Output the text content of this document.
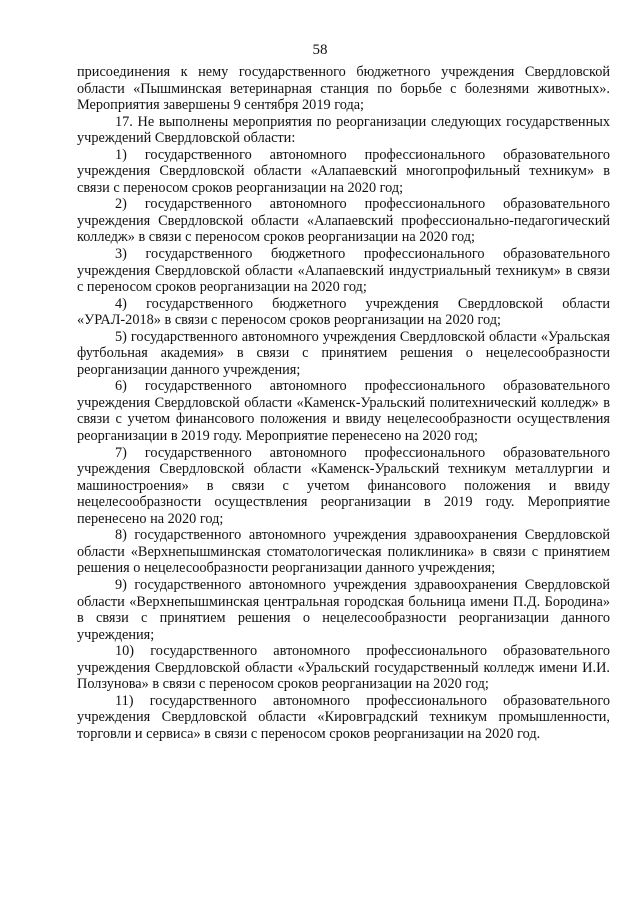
58

присоединения к нему государственного бюджетного учреждения Свердловской области «Пышминская ветеринарная станция по борьбе с болезнями животных». Мероприятия завершены 9 сентября 2019 года;

17. Не выполнены мероприятия по реорганизации следующих государственных учреждений Свердловской области:

1) государственного автономного профессионального образовательного учреждения Свердловской области «Алапаевский многопрофильный техникум» в связи с переносом сроков реорганизации на 2020 год;

2) государственного автономного профессионального образовательного учреждения Свердловской области «Алапаевский профессионально-педагогический колледж» в связи с переносом сроков реорганизации на 2020 год;

3) государственного бюджетного профессионального образовательного учреждения Свердловской области «Алапаевский индустриальный техникум» в связи с переносом сроков реорганизации на 2020 год;

4) государственного бюджетного учреждения Свердловской области «УРАЛ-2018» в связи с переносом сроков реорганизации на 2020 год;

5) государственного автономного учреждения Свердловской области «Уральская футбольная академия» в связи с принятием решения о нецелесообразности реорганизации данного учреждения;

6) государственного автономного профессионального образовательного учреждения Свердловской области «Каменск-Уральский политехнический колледж» в связи с учетом финансового положения и ввиду нецелесообразности осуществления реорганизации в 2019 году. Мероприятие перенесено на 2020 год;

7) государственного автономного профессионального образовательного учреждения Свердловской области «Каменск-Уральский техникум металлургии и машиностроения» в связи с учетом финансового положения и ввиду нецелесообразности осуществления реорганизации в 2019 году. Мероприятие перенесено на 2020 год;

8) государственного автономного учреждения здравоохранения Свердловской области «Верхнепышминская стоматологическая поликлиника» в связи с принятием решения о нецелесообразности реорганизации данного учреждения;

9) государственного автономного учреждения здравоохранения Свердловской области «Верхнепышминская центральная городская больница имени П.Д. Бородина» в связи с принятием решения о нецелесообразности реорганизации данного учреждения;

10) государственного автономного профессионального образовательного учреждения Свердловской области «Уральский государственный колледж имени И.И. Ползунова» в связи с переносом сроков реорганизации на 2020 год;

11) государственного автономного профессионального образовательного учреждения Свердловской области «Кировградский техникум промышленности, торговли и сервиса» в связи с переносом сроков реорганизации на 2020 год.
